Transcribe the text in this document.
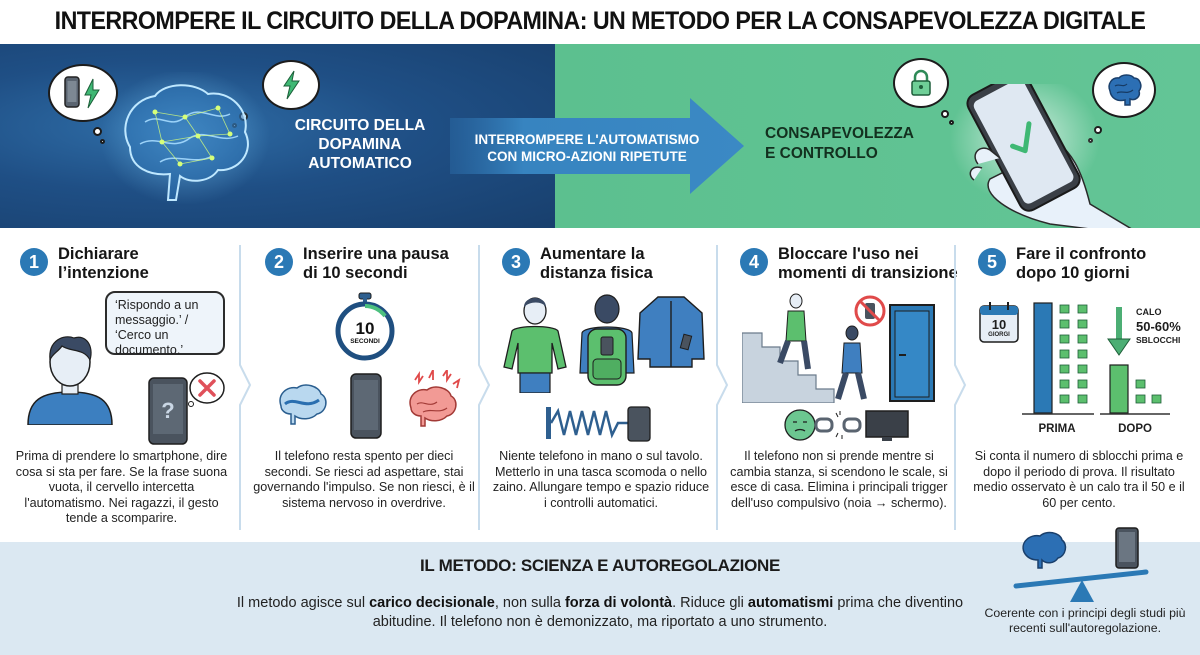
INTERROMPERE IL CIRCUITO DELLA DOPAMINA: UN METODO PER LA CONSAPEVOLEZZA DIGITALE
CIRCUITO DELLA DOPAMINA AUTOMATICO
INTERROMPERE L'AUTOMATISMO CON MICRO-AZIONI RIPETUTE
CONSAPEVOLEZZA E CONTROLLO
1	Dichiarare l’intenzione
‘Rispondo a un messaggio.’ / ‘Cerco un documento.’
?
Prima di prendere lo smartphone, dire cosa si sta per fare. Se la frase suona vuota, il cervello intercetta l'automatismo. Nei ragazzi, il gesto tende a scomparire.
2	Inserire una pausa di 10 secondi
10
SECONDI
Il telefono resta spento per dieci secondi. Se riesci ad aspettare, stai governando l'impulso. Se non riesci, è il sistema nervoso in overdrive.
3	Aumentare la distanza fisica
Niente telefono in mano o sul tavolo. Metterlo in una tasca scomoda o nello zaino. Allungare tempo e spazio riduce i controlli automatici.
4	Bloccare l'uso nei momenti di transizione
Il telefono non si prende mentre si cambia stanza, si scendono le scale, si esce di casa. Elimina i principali trigger dell'uso compulsivo (noia → schermo).
5	Fare il confronto dopo 10 giorni
10
GIORGI
CALO
50-60%
SBLOCCHI
PRIMA	DOPO
Si conta il numero di sblocchi prima e dopo il periodo di prova. Il risultato medio osservato è un calo tra il 50 e il 60 per cento.
IL METODO: SCIENZA E AUTOREGOLAZIONE
Il metodo agisce sul carico decisionale, non sulla forza di volontà. Riduce gli automatismi prima che diventino abitudine. Il telefono non è demonizzato, ma riportato a uno strumento.
Coerente con i principi degli studi più recenti sull'autoregolazione.
